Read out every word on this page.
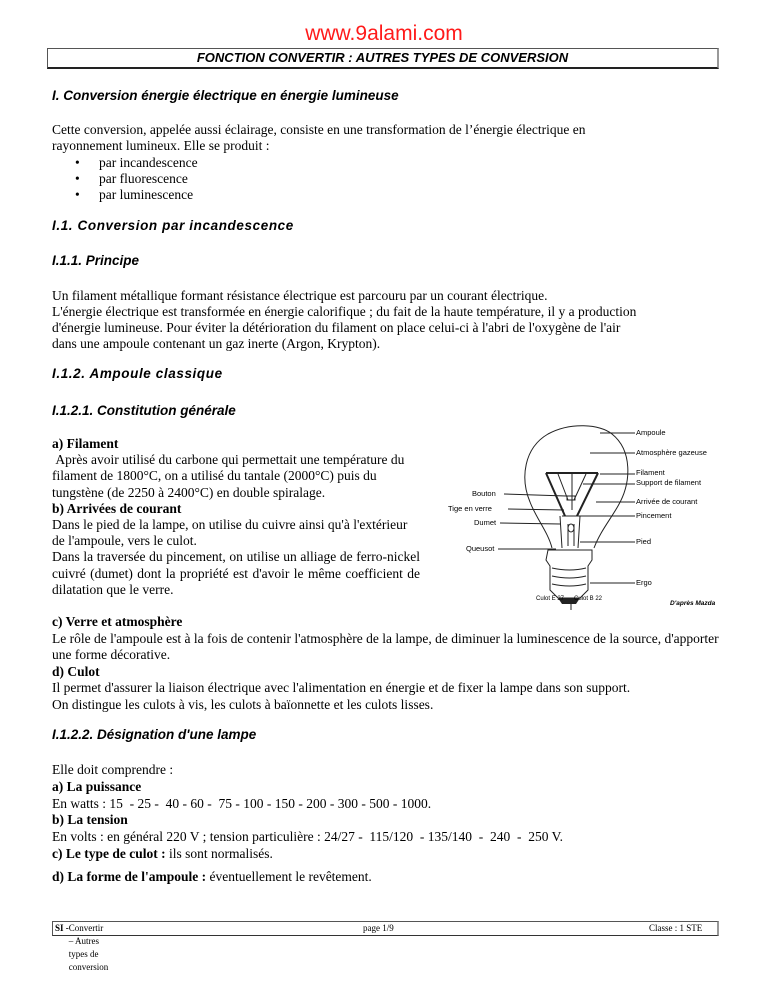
www.9alami.com
FONCTION CONVERTIR : AUTRES TYPES DE CONVERSION
I. Conversion énergie électrique en énergie lumineuse
Cette conversion, appelée aussi éclairage, consiste en une transformation de l’énergie électrique en
rayonnement lumineux. Elle se produit :
• par incandescence
• par fluorescence
• par luminescence
I.1. Conversion par incandescence
I.1.1. Principe
Un filament métallique formant résistance électrique est parcouru par un courant électrique.
L'énergie électrique est transformée en énergie calorifique ; du fait de la haute température, il y a production
d'énergie lumineuse. Pour éviter la détérioration du filament on place celui-ci à l'abri de l'oxygène de l'air
dans une ampoule contenant un gaz inerte (Argon, Krypton).
I.1.2. Ampoule classique
I.1.2.1. Constitution générale
a) Filament
Après avoir utilisé du carbone qui permettait une température du filament de 1800°C, on a utilisé du tantale (2000°C) puis du tungstène (de 2250 à 2400°C) en double spiralage.
b) Arrivées de courant
Dans le pied de la lampe, on utilise du cuivre ainsi qu'à l'extérieur de l'ampoule, vers le culot.
Dans la traversée du pincement, on utilise un alliage de ferro-nickel cuivré (dumet) dont la propriété est d'avoir le même coefficient de dilatation que le verre.
c) Verre et atmosphère
Le rôle de l'ampoule est à la fois de contenir l'atmosphère de la lampe, de diminuer la luminescence de la source, d'apporter une forme décorative.
d) Culot
Il permet d'assurer la liaison électrique avec l'alimentation en énergie et de fixer la lampe dans son support.
On distingue les culots à vis, les culots à baïonnette et les culots lisses.
Ampoule
Atmosphère gazeuse
Filament
Support de filament
Arrivée de courant
Pincement
Pied
Ergo
Bouton
Tige en verre
Dumet
Queusot
Culot E 27 Culot B 22
D'après Mazda
I.1.2.2. Désignation d'une lampe
Elle doit comprendre :
a) La puissance
En watts : 15  - 25 -  40 - 60 -  75 - 100 - 150 - 200 - 300 - 500 - 1000.
b) La tension
En volts : en général 220 V ; tension particulière : 24/27 -  115/120  - 135/140  -  240  -  250 V.
c) Le type de culot : ils sont normalisés.
d) La forme de l'ampoule : éventuellement le revêtement.
SI - Convertir – Autres types de conversion
page 1/9	Classe : 1 STE
